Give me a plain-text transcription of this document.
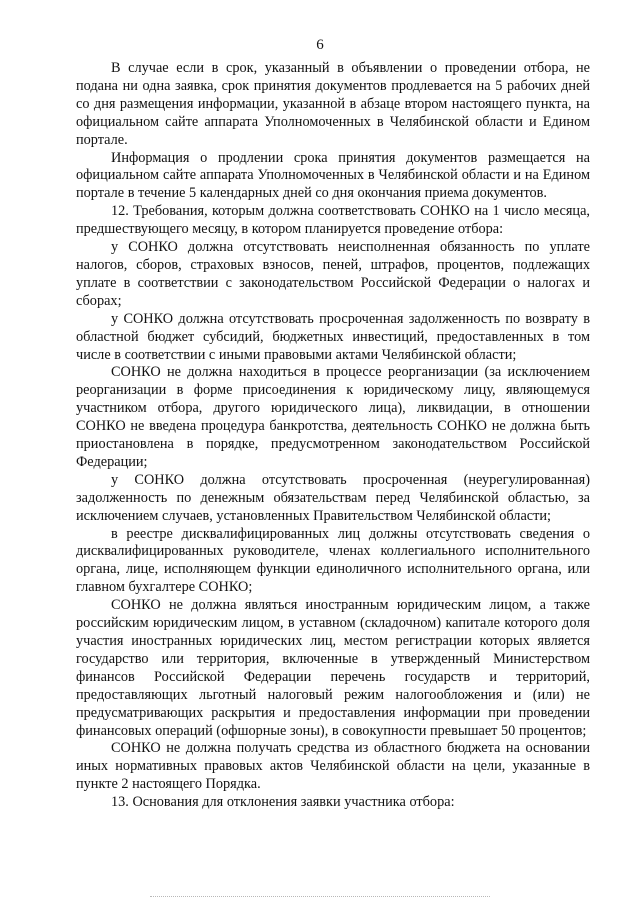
6

В случае если в срок, указанный в объявлении о проведении отбора, не подана ни одна заявка, срок принятия документов продлевается на 5 рабочих дней со дня размещения информации, указанной в абзаце втором настоящего пункта, на официальном сайте аппарата Уполномоченных в Челябинской области и Едином портале.

Информация о продлении срока принятия документов размещается на официальном сайте аппарата Уполномоченных в Челябинской области и на Едином портале в течение 5 календарных дней со дня окончания приема документов.

12. Требования, которым должна соответствовать СОНКО на 1 число месяца, предшествующего месяцу, в котором планируется проведение отбора:

у СОНКО должна отсутствовать неисполненная обязанность по уплате налогов, сборов, страховых взносов, пеней, штрафов, процентов, подлежащих уплате в соответствии с законодательством Российской Федерации о налогах и сборах;

у СОНКО должна отсутствовать просроченная задолженность по возврату в областной бюджет субсидий, бюджетных инвестиций, предоставленных в том числе в соответствии с иными правовыми актами Челябинской области;

СОНКО не должна находиться в процессе реорганизации (за исключением реорганизации в форме присоединения к юридическому лицу, являющемуся участником отбора, другого юридического лица), ликвидации, в отношении СОНКО не введена процедура банкротства, деятельность СОНКО не должна быть приостановлена в порядке, предусмотренном законодательством Российской Федерации;

у СОНКО должна отсутствовать просроченная (неурегулированная) задолженность по денежным обязательствам перед Челябинской областью, за исключением случаев, установленных Правительством Челябинской области;

в реестре дисквалифицированных лиц должны отсутствовать сведения о дисквалифицированных руководителе, членах коллегиального исполнительного органа, лице, исполняющем функции единоличного исполнительного органа, или главном бухгалтере СОНКО;

СОНКО не должна являться иностранным юридическим лицом, а также российским юридическим лицом, в уставном (складочном) капитале которого доля участия иностранных юридических лиц, местом регистрации которых является государство или территория, включенные в утвержденный Министерством финансов Российской Федерации перечень государств и территорий, предоставляющих льготный налоговый режим налогообложения и (или) не предусматривающих раскрытия и предоставления информации при проведении финансовых операций (офшорные зоны), в совокупности превышает 50 процентов;

СОНКО не должна получать средства из областного бюджета на основании иных нормативных правовых актов Челябинской области на цели, указанные в пункте 2 настоящего Порядка.

13. Основания для отклонения заявки участника отбора:
